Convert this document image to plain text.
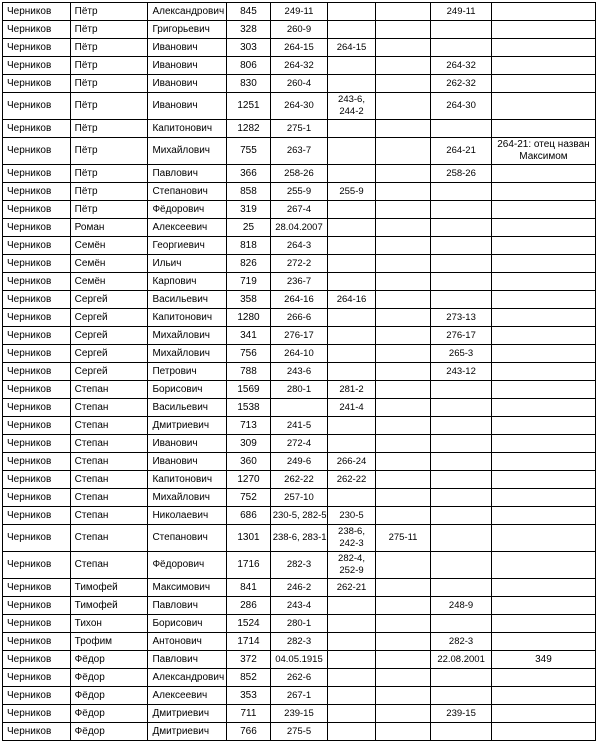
Черников	Пётр	Александрович	845	249-11			249-11	
Черников	Пётр	Григорьевич	328	260-9				
Черников	Пётр	Иванович	303	264-15	264-15			
Черников	Пётр	Иванович	806	264-32			264-32	
Черников	Пётр	Иванович	830	260-4			262-32	
Черников	Пётр	Иванович	1251	264-30	243-6, 244-2		264-30	
Черников	Пётр	Капитонович	1282	275-1				
Черников	Пётр	Михайлович	755	263-7			264-21	264-21: отец назван Максимом
Черников	Пётр	Павлович	366	258-26			258-26	
Черников	Пётр	Степанович	858	255-9	255-9			
Черников	Пётр	Фёдорович	319	267-4				
Черников	Роман	Алексеевич	25	28.04.2007				
Черников	Семён	Георгиевич	818	264-3				
Черников	Семён	Ильич	826	272-2				
Черников	Семён	Карпович	719	236-7				
Черников	Сергей	Васильевич	358	264-16	264-16			
Черников	Сергей	Капитонович	1280	266-6			273-13	
Черников	Сергей	Михайлович	341	276-17			276-17	
Черников	Сергей	Михайлович	756	264-10			265-3	
Черников	Сергей	Петрович	788	243-6			243-12	
Черников	Степан	Борисович	1569	280-1	281-2			
Черников	Степан	Васильевич	1538		241-4			
Черников	Степан	Дмитриевич	713	241-5				
Черников	Степан	Иванович	309	272-4				
Черников	Степан	Иванович	360	249-6	266-24			
Черников	Степан	Капитонович	1270	262-22	262-22			
Черников	Степан	Михайлович	752	257-10				
Черников	Степан	Николаевич	686	230-5, 282-5	230-5			
Черников	Степан	Степанович	1301	238-6, 283-1	238-6, 242-3	275-11		
Черников	Степан	Фёдорович	1716	282-3	282-4, 252-9			
Черников	Тимофей	Максимович	841	246-2	262-21			
Черников	Тимофей	Павлович	286	243-4			248-9	
Черников	Тихон	Борисович	1524	280-1				
Черников	Трофим	Антонович	1714	282-3			282-3	
Черников	Фёдор	Павлович	372	04.05.1915			22.08.2001	349
Черников	Фёдор	Александрович	852	262-6				
Черников	Фёдор	Алексеевич	353	267-1				
Черников	Фёдор	Дмитриевич	711	239-15			239-15	
Черников	Фёдор	Дмитриевич	766	275-5				
